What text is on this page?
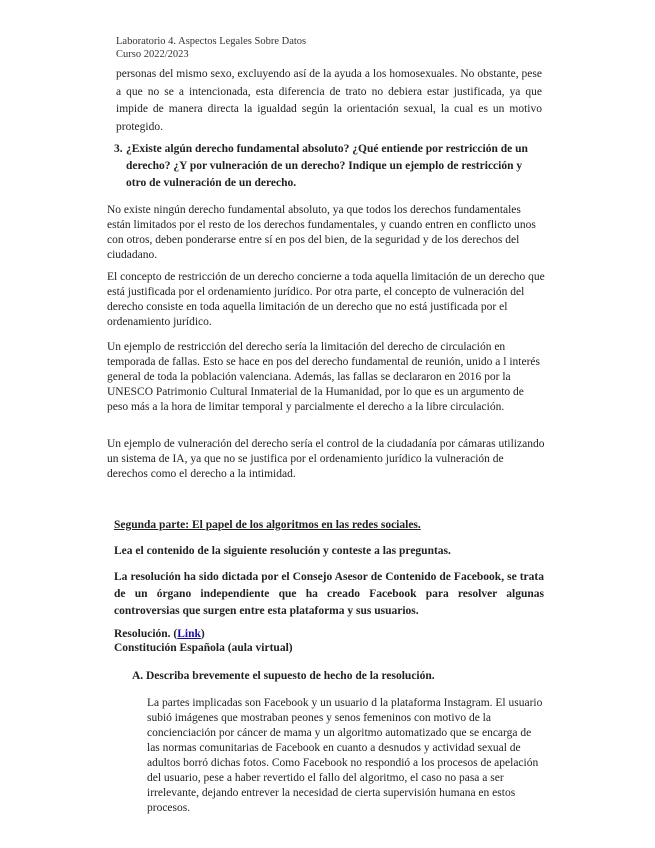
Laboratorio 4. Aspectos Legales Sobre Datos
Curso 2022/2023

personas del mismo sexo, excluyendo así de la ayuda a los homosexuales. No obstante, pese a que no se a intencionada, esta diferencia de trato no debiera estar justificada, ya que impide de manera directa la igualdad según la orientación sexual, la cual es un motivo protegido.

3. ¿Existe algún derecho fundamental absoluto? ¿Qué entiende por restricción de un derecho? ¿Y por vulneración de un derecho? Indique un ejemplo de restricción y otro de vulneración de un derecho.

No existe ningún derecho fundamental absoluto, ya que todos los derechos fundamentales están limitados por el resto de los derechos fundamentales, y cuando entren en conflicto unos con otros, deben ponderarse entre sí en pos del bien, de la seguridad y de los derechos del ciudadano.

El concepto de restricción de un derecho concierne a toda aquella limitación de un derecho que está justificada por el ordenamiento jurídico. Por otra parte, el concepto de vulneración del derecho consiste en toda aquella limitación de un derecho que no está justificada por el ordenamiento jurídico.

Un ejemplo de restricción del derecho sería la limitación del derecho de circulación en temporada de fallas. Esto se hace en pos del derecho fundamental de reunión, unido a l interés general de toda la población valenciana. Además, las fallas se declararon en 2016 por la UNESCO Patrimonio Cultural Inmaterial de la Humanidad, por lo que es un argumento de peso más a la hora de limitar temporal y parcialmente el derecho a la libre circulación.

Un ejemplo de vulneración del derecho sería el control de la ciudadanía por cámaras utilizando un sistema de IA, ya que no se justifica por el ordenamiento jurídico la vulneración de derechos como el derecho a la intimidad.

Segunda parte: El papel de los algoritmos en las redes sociales.

Lea el contenido de la siguiente resolución y conteste a las preguntas.

La resolución ha sido dictada por el Consejo Asesor de Contenido de Facebook, se trata de un órgano independiente que ha creado Facebook para resolver algunas controversias que surgen entre esta plataforma y sus usuarios.

Resolución. (Link)

Constitución Española (aula virtual)

A. Describa brevemente el supuesto de hecho de la resolución.

La partes implicadas son Facebook y un usuario d la plataforma Instagram. El usuario subió imágenes que mostraban peones y senos femeninos con motivo de la concienciación por cáncer de mama y un algoritmo automatizado que se encarga de las normas comunitarias de Facebook en cuanto a desnudos y actividad sexual de adultos borró dichas fotos. Como Facebook no respondió a los procesos de apelación del usuario, pese a haber revertido el fallo del algoritmo, el caso no pasa a ser irrelevante, dejando entrever la necesidad de cierta supervisión humana en estos procesos.
